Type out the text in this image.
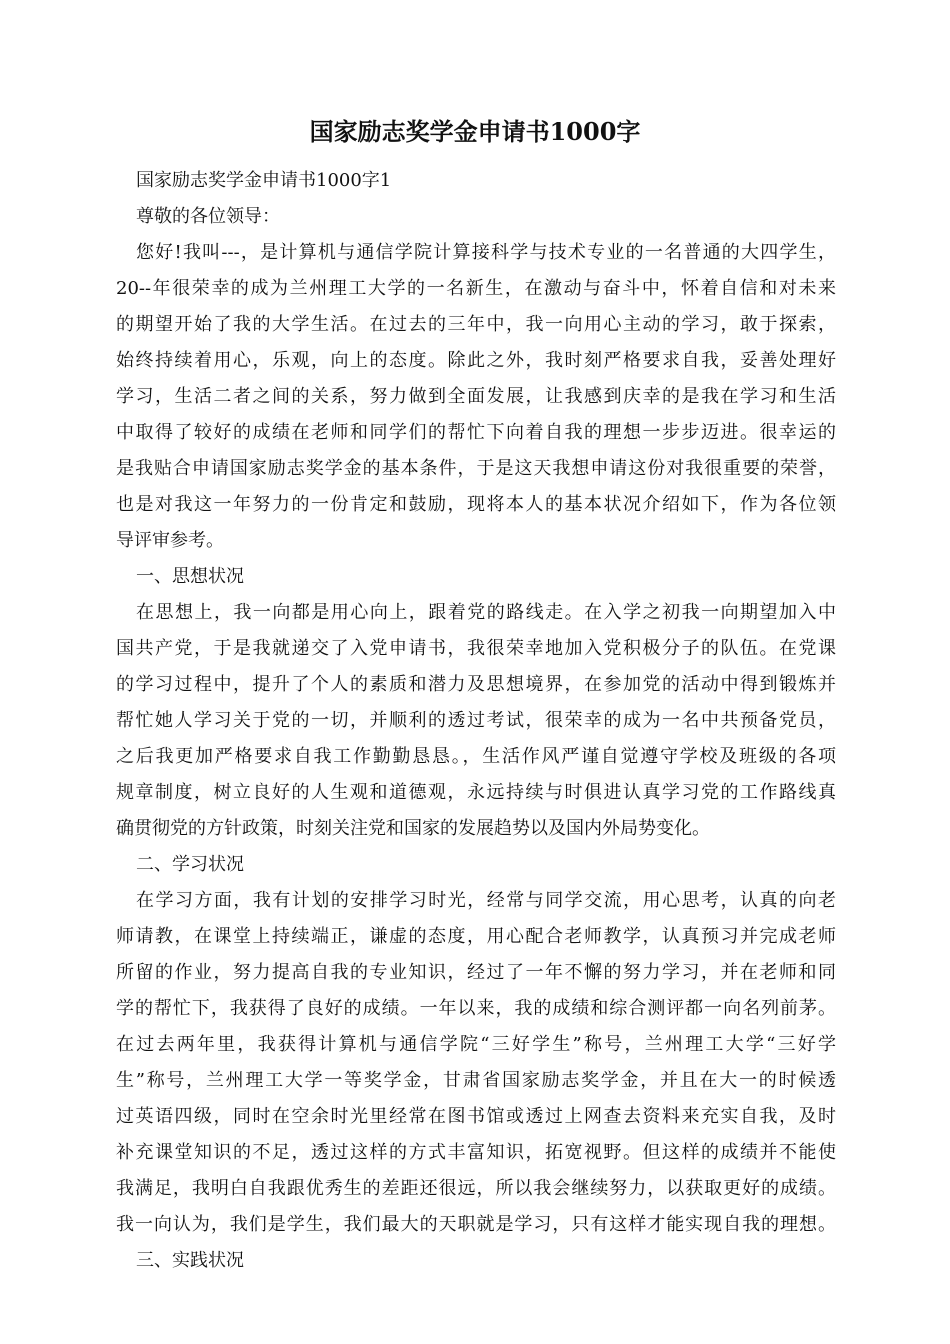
国家励志奖学金申请书1000字
国家励志奖学金申请书1000字1
尊敬的各位领导：
您好!我叫---，是计算机与通信学院计算接科学与技术专业的一名普通的大四学生，
20--年很荣幸的成为兰州理工大学的一名新生，在激动与奋斗中，怀着自信和对未来
的期望开始了我的大学生活。在过去的三年中，我一向用心主动的学习，敢于探索，
始终持续着用心，乐观，向上的态度。除此之外，我时刻严格要求自我，妥善处理好
学习，生活二者之间的关系，努力做到全面发展，让我感到庆幸的是我在学习和生活
中取得了较好的成绩在老师和同学们的帮忙下向着自我的理想一步步迈进。很幸运的
是我贴合申请国家励志奖学金的基本条件，于是这天我想申请这份对我很重要的荣誉，
也是对我这一年努力的一份肯定和鼓励，现将本人的基本状况介绍如下，作为各位领
导评审参考。
一、思想状况
在思想上，我一向都是用心向上，跟着党的路线走。在入学之初我一向期望加入中
国共产党，于是我就递交了入党申请书，我很荣幸地加入党积极分子的队伍。在党课
的学习过程中，提升了个人的素质和潜力及思想境界，在参加党的活动中得到锻炼并
帮忙她人学习关于党的一切，并顺利的透过考试，很荣幸的成为一名中共预备党员，
之后我更加严格要求自我工作勤勤恳恳。，生活作风严谨自觉遵守学校及班级的各项
规章制度，树立良好的人生观和道德观，永远持续与时俱进认真学习党的工作路线真
确贯彻党的方针政策，时刻关注党和国家的发展趋势以及国内外局势变化。
二、学习状况
在学习方面，我有计划的安排学习时光，经常与同学交流，用心思考，认真的向老
师请教，在课堂上持续端正，谦虚的态度，用心配合老师教学，认真预习并完成老师
所留的作业，努力提高自我的专业知识，经过了一年不懈的努力学习，并在老师和同
学的帮忙下，我获得了良好的成绩。一年以来，我的成绩和综合测评都一向名列前茅。
在过去两年里，我获得计算机与通信学院“三好学生”称号，兰州理工大学“三好学
生”称号，兰州理工大学一等奖学金，甘肃省国家励志奖学金，并且在大一的时候透
过英语四级，同时在空余时光里经常在图书馆或透过上网查去资料来充实自我，及时
补充课堂知识的不足，透过这样的方式丰富知识，拓宽视野。但这样的成绩并不能使
我满足，我明白自我跟优秀生的差距还很远，所以我会继续努力，以获取更好的成绩。
我一向认为，我们是学生，我们最大的天职就是学习，只有这样才能实现自我的理想。
三、实践状况
